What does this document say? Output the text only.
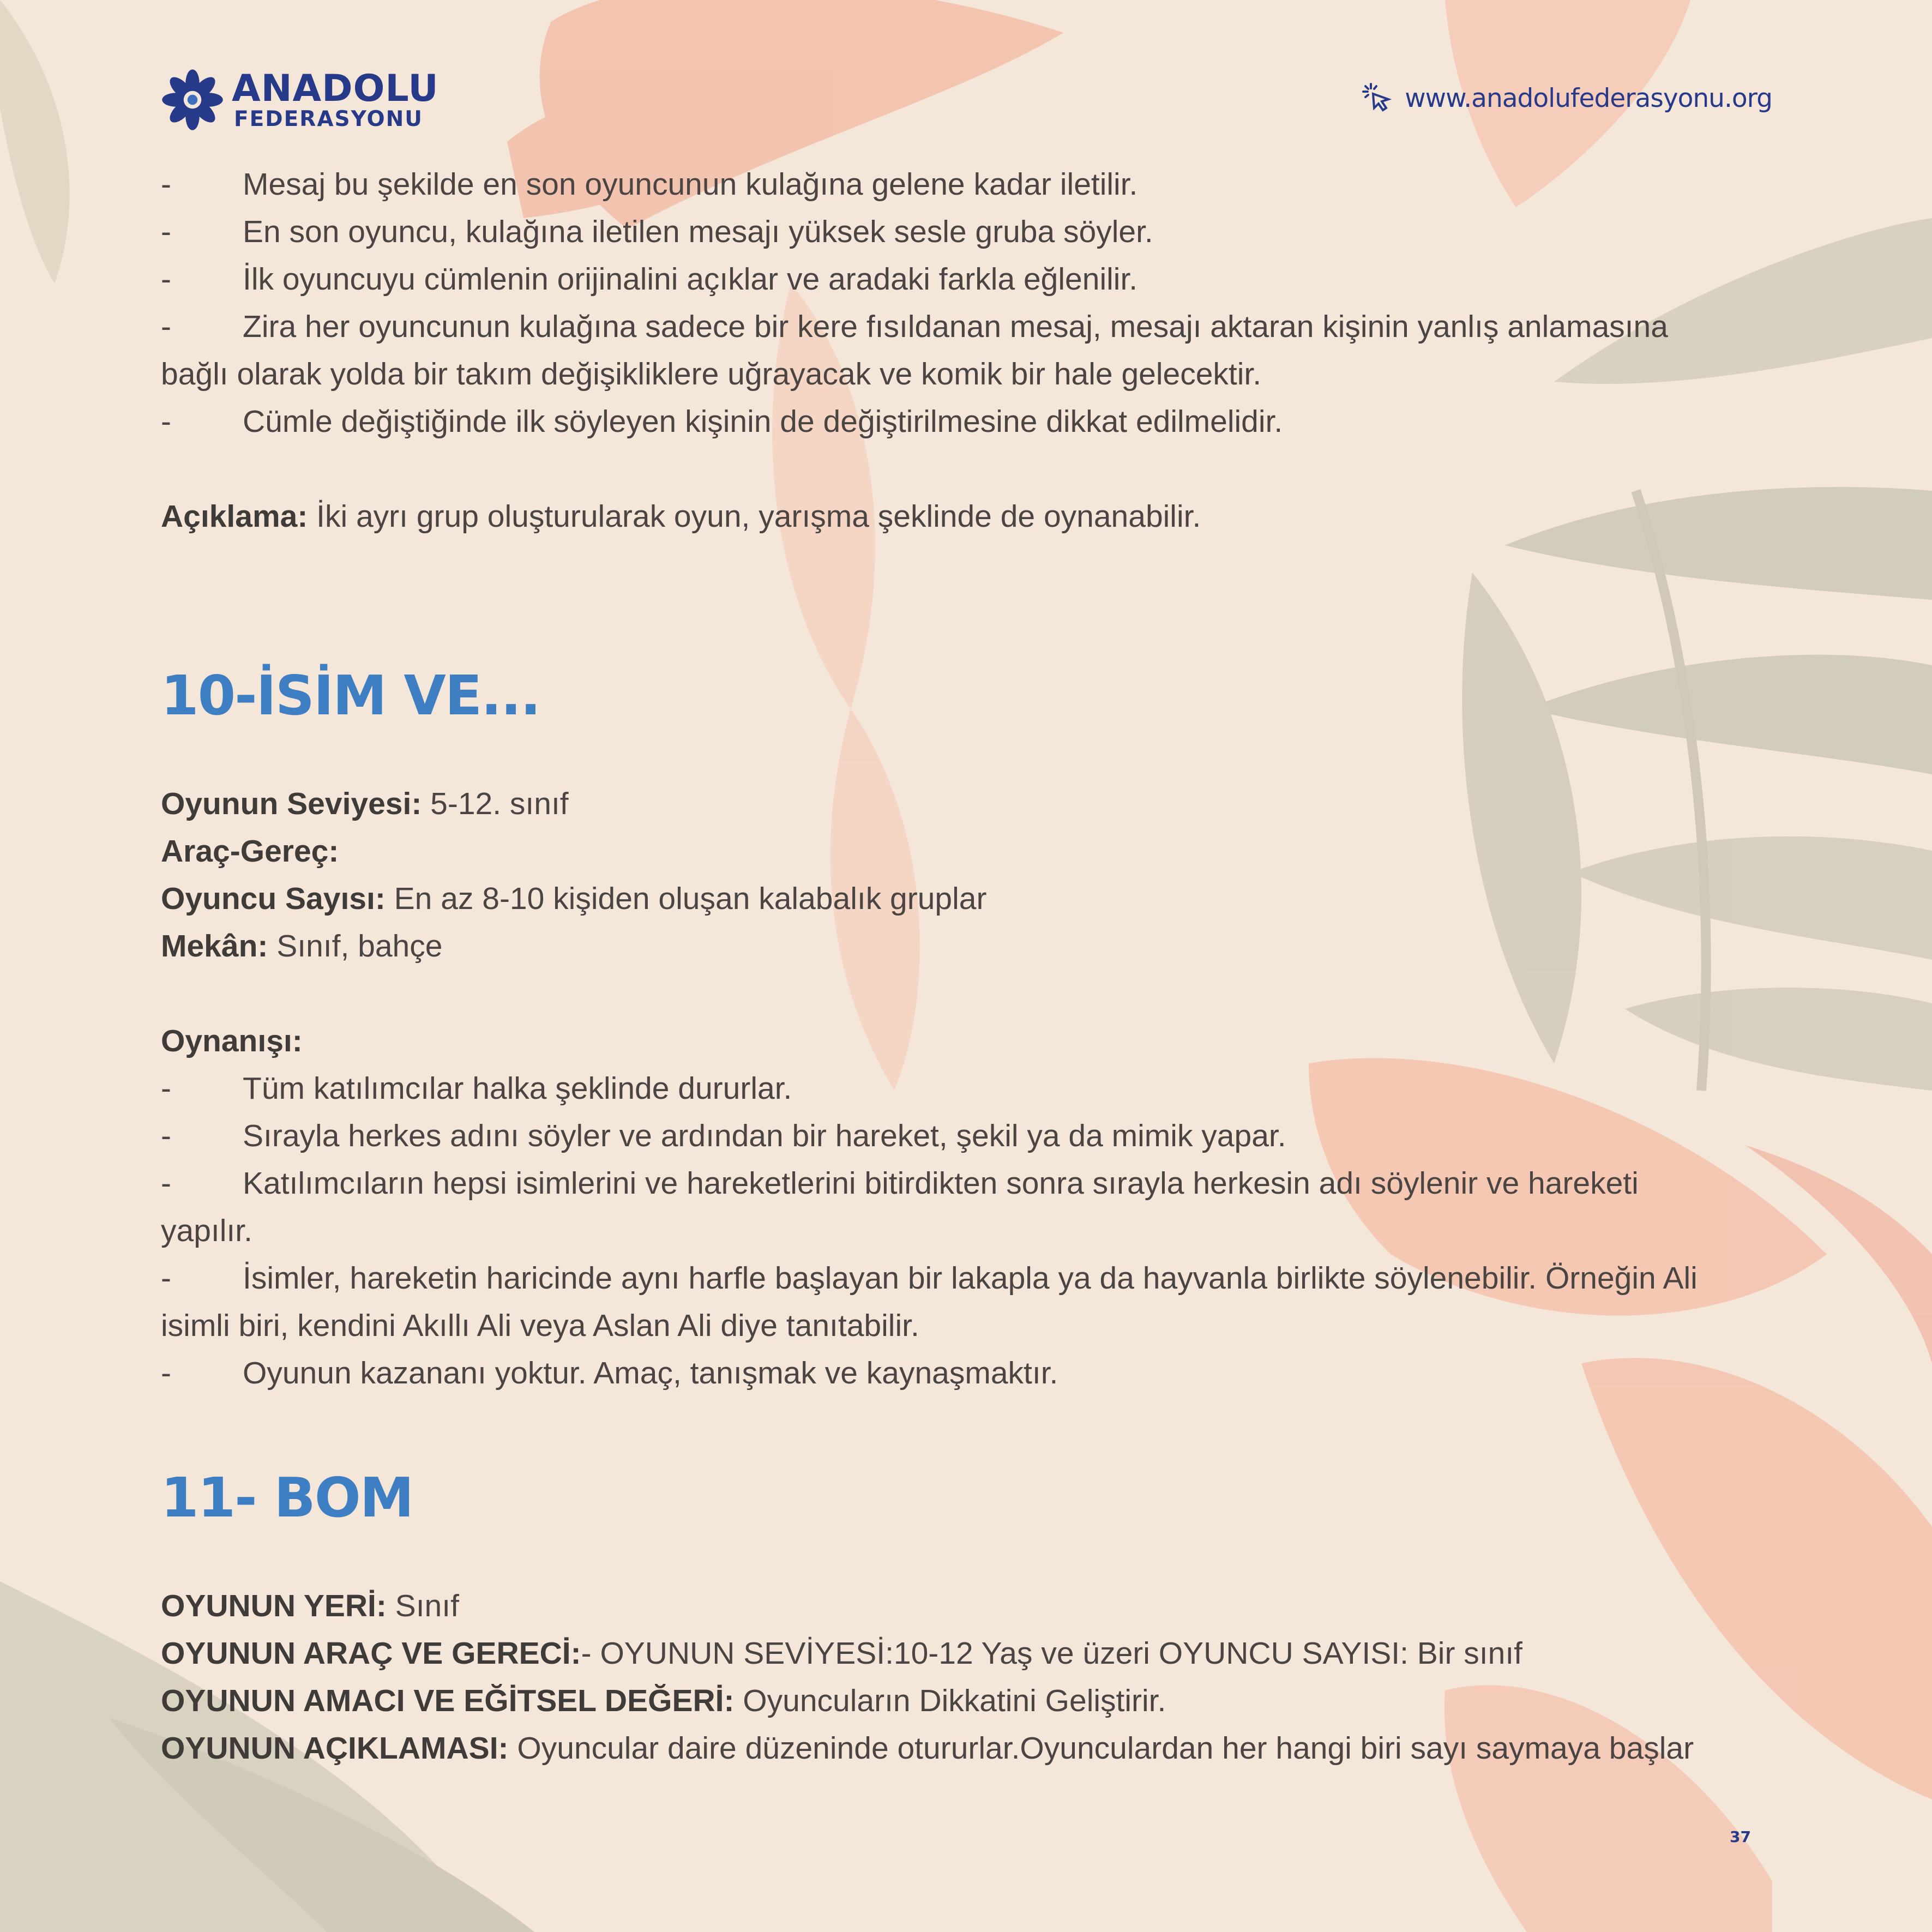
ANADOLU
FEDERASYONU
www.anadolufederasyonu.org

- Mesaj bu şekilde en son oyuncunun kulağına gelene kadar iletilir.

- En son oyuncu, kulağına iletilen mesajı yüksek sesle gruba söyler.

- İlk oyuncuyu cümlenin orijinalini açıklar ve aradaki farkla eğlenilir.

- Zira her oyuncunun kulağına sadece bir kere fısıldanan mesaj, mesajı aktaran kişinin yanlış anlamasına

bağlı olarak yolda bir takım değişikliklere uğrayacak ve komik bir hale gelecektir.

- Cümle değiştiğinde ilk söyleyen kişinin de değiştirilmesine dikkat edilmelidir.

Açıklama: İki ayrı grup oluşturularak oyun, yarışma şeklinde de oynanabilir.

10-İSİM VE...

Oyunun Seviyesi: 5-12. sınıf

Araç-Gereç:

Oyuncu Sayısı: En az 8-10 kişiden oluşan kalabalık gruplar

Mekân: Sınıf, bahçe

Oynanışı:

- Tüm katılımcılar halka şeklinde dururlar.

- Sırayla herkes adını söyler ve ardından bir hareket, şekil ya da mimik yapar.

- Katılımcıların hepsi isimlerini ve hareketlerini bitirdikten sonra sırayla herkesin adı söylenir ve hareketi

yapılır.

- İsimler, hareketin haricinde aynı harfle başlayan bir lakapla ya da hayvanla birlikte söylenebilir. Örneğin Ali

isimli biri, kendini Akıllı Ali veya Aslan Ali diye tanıtabilir.

- Oyunun kazananı yoktur. Amaç, tanışmak ve kaynaşmaktır.

11- BOM

OYUNUN YERİ: Sınıf

OYUNUN ARAÇ VE GERECİ:- OYUNUN SEVİYESİ:10-12 Yaş ve üzeri OYUNCU SAYISI: Bir sınıf

OYUNUN AMACI VE EĞİTSEL DEĞERİ: Oyuncuların Dikkatini Geliştirir.

OYUNUN AÇIKLAMASI: Oyuncular daire düzeninde otururlar.Oyunculardan her hangi biri sayı saymaya başlar

37
